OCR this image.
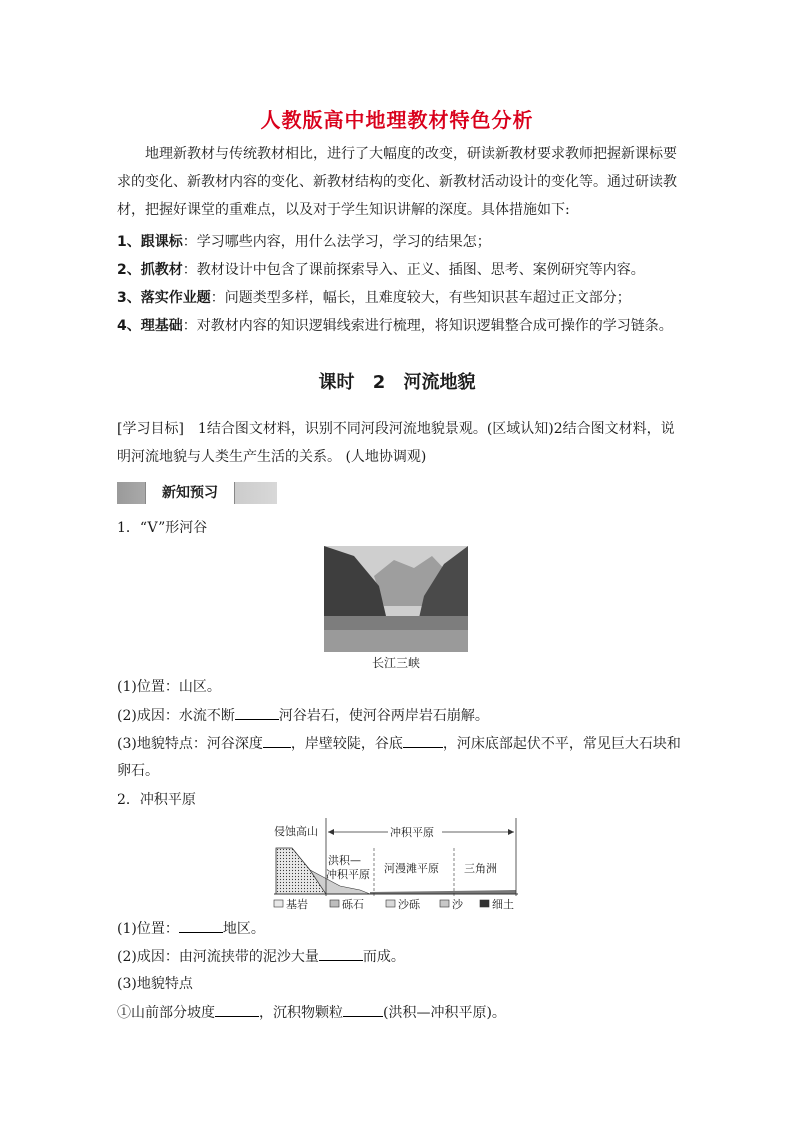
人教版高中地理教材特色分析
地理新教材与传统教材相比，进行了大幅度的改变，研读新教材要求教师把握新课标要求的变化、新教材内容的变化、新教材结构的变化、新教材活动设计的变化等。通过研读教材，把握好课堂的重难点，以及对于学生知识讲解的深度。具体措施如下:
1、跟课标：学习哪些内容，用什么法学习，学习的结果怎；
2、抓教材：教材设计中包含了课前探索导入、正义、插图、思考、案例研究等内容。
3、落实作业题：问题类型多样，幅长，且难度较大，有些知识甚车超过正文部分；
4、理基础：对教材内容的知识逻辑线索进行梳理，将知识逻辑整合成可操作的学习链条。
课时 2 河流地貌
[学习目标]　1结合图文材料，识别不同河段河流地貌景观。(区域认知)2结合图文材料，说明河流地貌与人类生产生活的关系。 (人地协调观)
新知预习
1．“V”形河谷
长江三峡
(1)位置：山区。
(2)成因：水流不断	河谷岩石，使河谷两岸岩石崩解。
(3)地貌特点：河谷深度 ，岸壁较陡，谷底	，河床底部起伏不平，常见巨大石块和
卵石。
2．冲积平原
侵蚀高山	冲积平原
洪积—
冲积平原 河漫滩平原 三角洲
基岩	砾石	沙砾	沙	细土
(1)位置：	地区。
(2)成因：由河流挟带的泥沙大量	而成。
(3)地貌特点
①山前部分坡度	，沉积物颗粒	(洪积—冲积平原)。
